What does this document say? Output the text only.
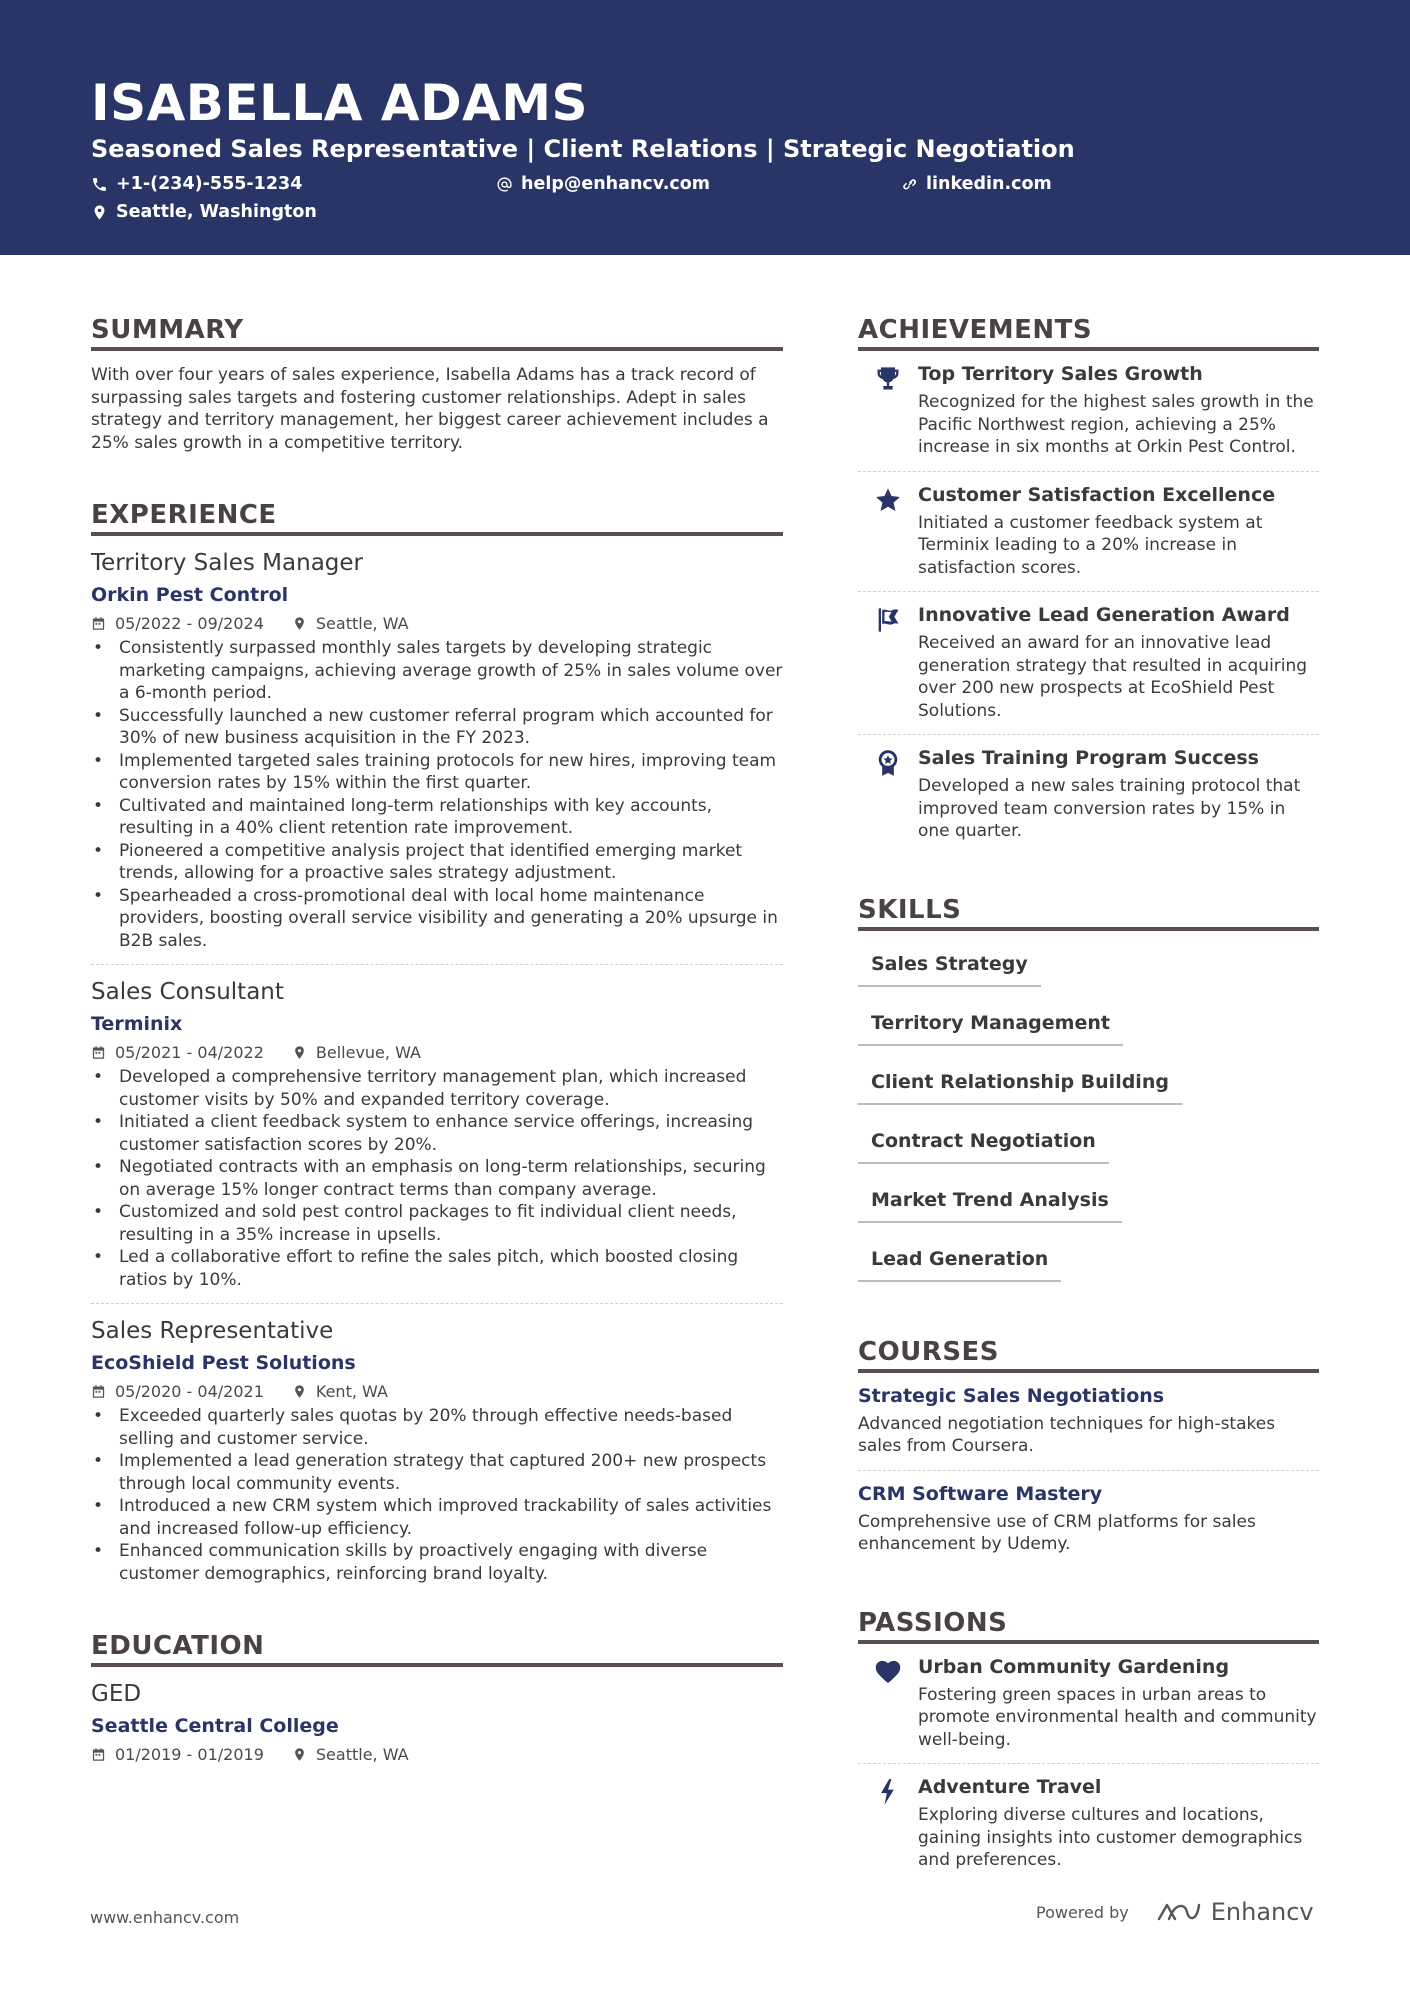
ISABELLA ADAMS
Seasoned Sales Representative | Client Relations | Strategic Negotiation
+1-(234)-555-1234	help@enhancv.com	linkedin.com
Seattle, Washington
SUMMARY
With over four years of sales experience, Isabella Adams has a track record of surpassing sales targets and fostering customer relationships. Adept in sales strategy and territory management, her biggest career achievement includes a 25% sales growth in a competitive territory.
EXPERIENCE
Territory Sales Manager
Orkin Pest Control
05/2022 - 09/2024	Seattle, WA
• Consistently surpassed monthly sales targets by developing strategic marketing campaigns, achieving average growth of 25% in sales volume over a 6-month period.
• Successfully launched a new customer referral program which accounted for 30% of new business acquisition in the FY 2023.
• Implemented targeted sales training protocols for new hires, improving team conversion rates by 15% within the first quarter.
• Cultivated and maintained long-term relationships with key accounts, resulting in a 40% client retention rate improvement.
• Pioneered a competitive analysis project that identified emerging market trends, allowing for a proactive sales strategy adjustment.
• Spearheaded a cross-promotional deal with local home maintenance providers, boosting overall service visibility and generating a 20% upsurge in B2B sales.
Sales Consultant
Terminix
05/2021 - 04/2022	Bellevue, WA
• Developed a comprehensive territory management plan, which increased customer visits by 50% and expanded territory coverage.
• Initiated a client feedback system to enhance service offerings, increasing customer satisfaction scores by 20%.
• Negotiated contracts with an emphasis on long-term relationships, securing on average 15% longer contract terms than company average.
• Customized and sold pest control packages to fit individual client needs, resulting in a 35% increase in upsells.
• Led a collaborative effort to refine the sales pitch, which boosted closing ratios by 10%.
Sales Representative
EcoShield Pest Solutions
05/2020 - 04/2021	Kent, WA
• Exceeded quarterly sales quotas by 20% through effective needs-based selling and customer service.
• Implemented a lead generation strategy that captured 200+ new prospects through local community events.
• Introduced a new CRM system which improved trackability of sales activities and increased follow-up efficiency.
• Enhanced communication skills by proactively engaging with diverse customer demographics, reinforcing brand loyalty.
EDUCATION
GED
Seattle Central College
01/2019 - 01/2019	Seattle, WA
ACHIEVEMENTS
Top Territory Sales Growth
Recognized for the highest sales growth in the Pacific Northwest region, achieving a 25% increase in six months at Orkin Pest Control.
Customer Satisfaction Excellence
Initiated a customer feedback system at Terminix leading to a 20% increase in satisfaction scores.
Innovative Lead Generation Award
Received an award for an innovative lead generation strategy that resulted in acquiring over 200 new prospects at EcoShield Pest Solutions.
Sales Training Program Success
Developed a new sales training protocol that improved team conversion rates by 15% in one quarter.
SKILLS
Sales Strategy
Territory Management
Client Relationship Building
Contract Negotiation
Market Trend Analysis
Lead Generation
COURSES
Strategic Sales Negotiations
Advanced negotiation techniques for high-stakes sales from Coursera.
CRM Software Mastery
Comprehensive use of CRM platforms for sales enhancement by Udemy.
PASSIONS
Urban Community Gardening
Fostering green spaces in urban areas to promote environmental health and community well-being.
Adventure Travel
Exploring diverse cultures and locations, gaining insights into customer demographics and preferences.
www.enhancv.com	Powered by	Enhancv
